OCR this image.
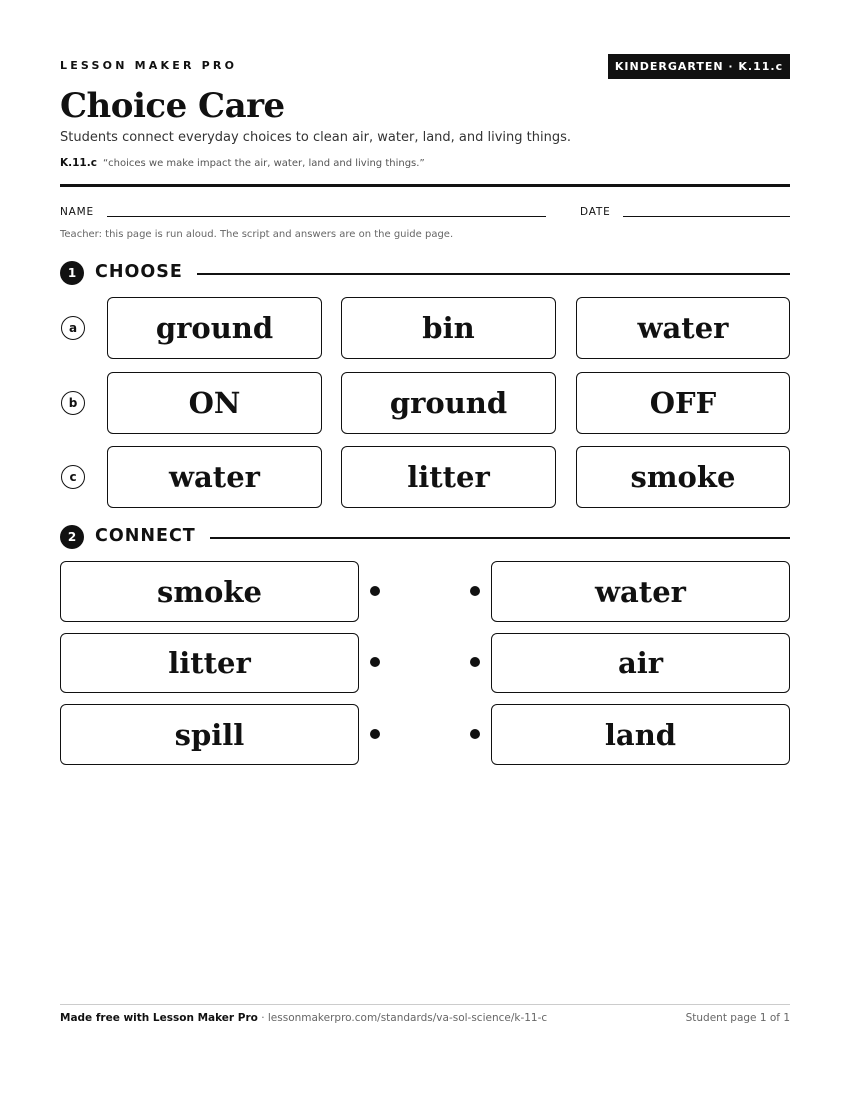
LESSON MAKER PRO	KINDERGARTEN · K.11.c
Choice Care
Students connect everyday choices to clean air, water, land, and living things.
K.11.c “choices we make impact the air, water, land and living things.”
NAME	DATE
Teacher: this page is run aloud. The script and answers are on the guide page.
1	CHOOSE
a	ground	bin	water
b	ON	ground	OFF
c	water	litter	smoke
2	CONNECT
smoke	water
litter	air
spill	land
Made free with Lesson Maker Pro · lessonmakerpro.com/standards/va-sol-science/k-11-c	Student page 1 of 1
